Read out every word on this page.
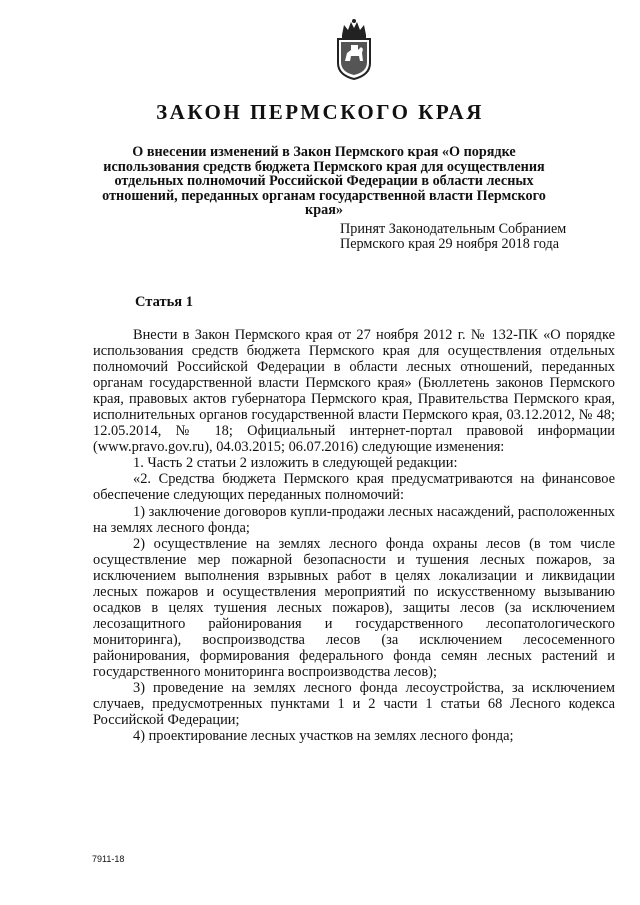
ЗАКОН ПЕРМСКОГО КРАЯ
О внесении изменений в Закон Пермского края «О порядке использования средств бюджета Пермского края для осуществления отдельных полномочий Российской Федерации в области лесных отношений, переданных органам государственной власти Пермского края»
Принят Законодательным Собранием
Пермского края 29 ноября 2018 года
Статья 1

Внести в Закон Пермского края от 27 ноября 2012 г. № 132-ПК «О порядке использования средств бюджета Пермского края для осуществления отдельных полномочий Российской Федерации в области лесных отношений, переданных органам государственной власти Пермского края» (Бюллетень законов Пермского края, правовых актов губернатора Пермского края, Правительства Пермского края, исполнительных органов государственной власти Пермского края, 03.12.2012, № 48; 12.05.2014, № 18; Официальный интернет-портал правовой информации (www.pravo.gov.ru), 04.03.2015; 06.07.2016) следующие изменения:

1. Часть 2 статьи 2 изложить в следующей редакции:

«2. Средства бюджета Пермского края предусматриваются на финансовое обеспечение следующих переданных полномочий:

1) заключение договоров купли-продажи лесных насаждений, расположенных на землях лесного фонда;

2) осуществление на землях лесного фонда охраны лесов (в том числе осуществление мер пожарной безопасности и тушения лесных пожаров, за исключением выполнения взрывных работ в целях локализации и ликвидации лесных пожаров и осуществления мероприятий по искусственному вызыванию осадков в целях тушения лесных пожаров), защиты лесов (за исключением лесозащитного районирования и государственного лесопатологического мониторинга), воспроизводства лесов (за исключением лесосеменного районирования, формирования федерального фонда семян лесных растений и государственного мониторинга воспроизводства лесов);

3) проведение на землях лесного фонда лесоустройства, за исключением случаев, предусмотренных пунктами 1 и 2 части 1 статьи 68 Лесного кодекса Российской Федерации;

4) проектирование лесных участков на землях лесного фонда;

7911-18
